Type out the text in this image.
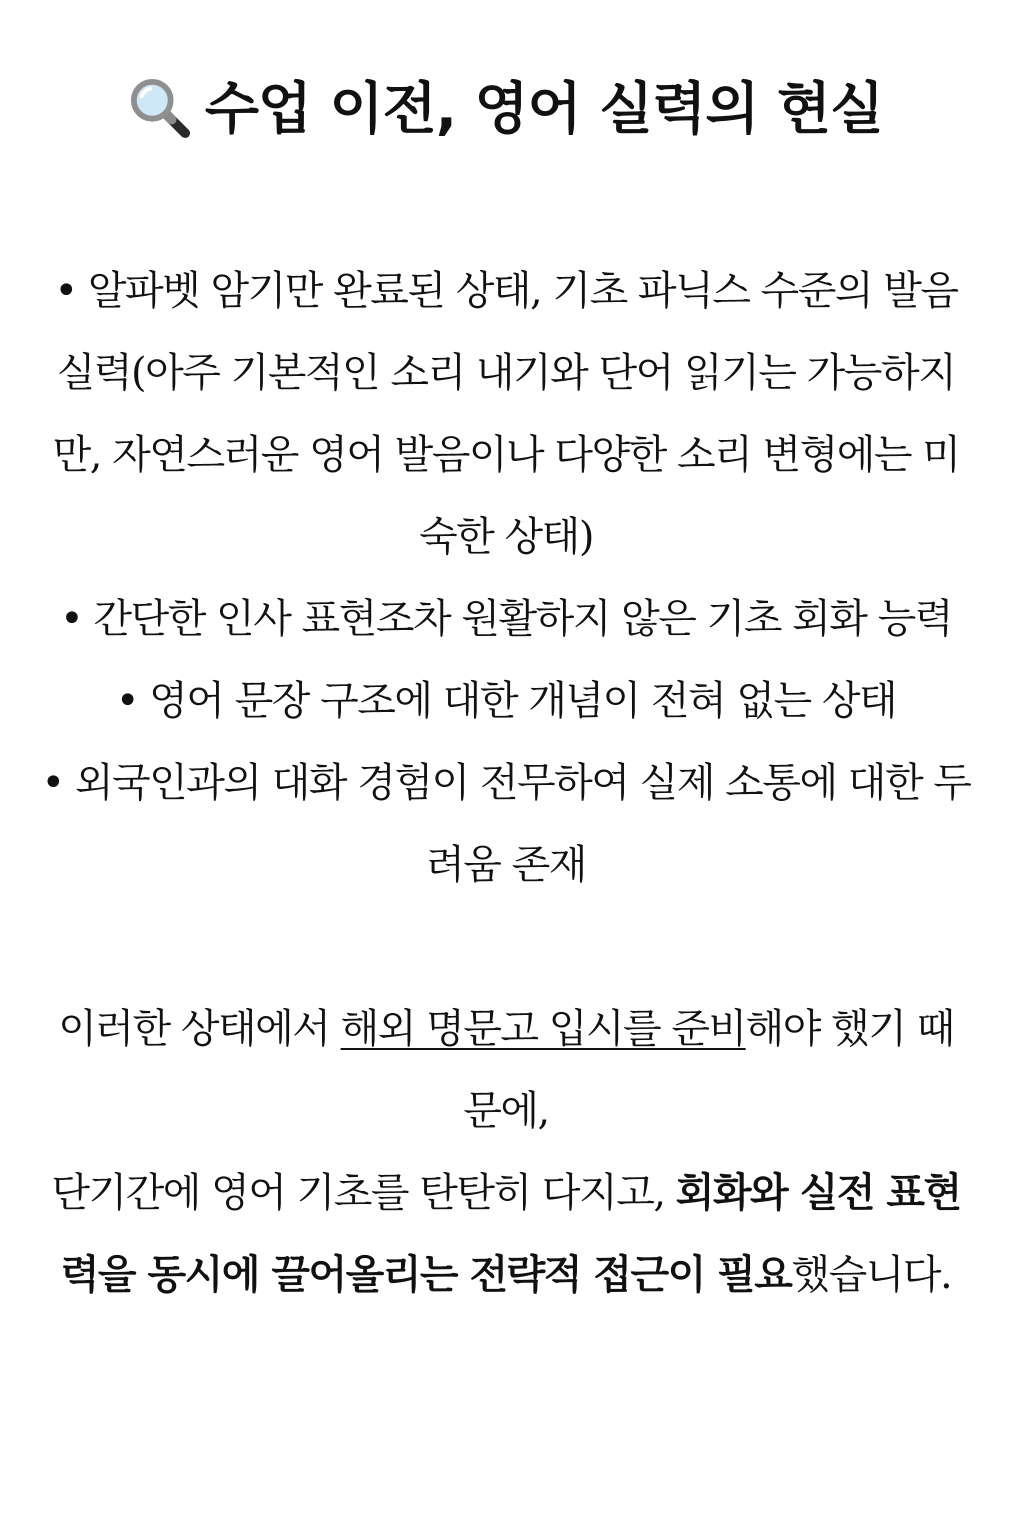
수업 이전, 영어 실력의 현실
• 알파벳 암기만 완료된 상태, 기초 파닉스 수준의 발음 실력(아주 기본적인 소리 내기와 단어 읽기는 가능하지만, 자연스러운 영어 발음이나 다양한 소리 변형에는 미숙한 상태)
• 간단한 인사 표현조차 원활하지 않은 기초 회화 능력
• 영어 문장 구조에 대한 개념이 전혀 없는 상태
• 외국인과의 대화 경험이 전무하여 실제 소통에 대한 두려움 존재

이러한 상태에서 해외 명문고 입시를 준비해야 했기 때문에,
단기간에 영어 기초를 탄탄히 다지고, 회화와 실전 표현력을 동시에 끌어올리는 전략적 접근이 필요했습니다.
